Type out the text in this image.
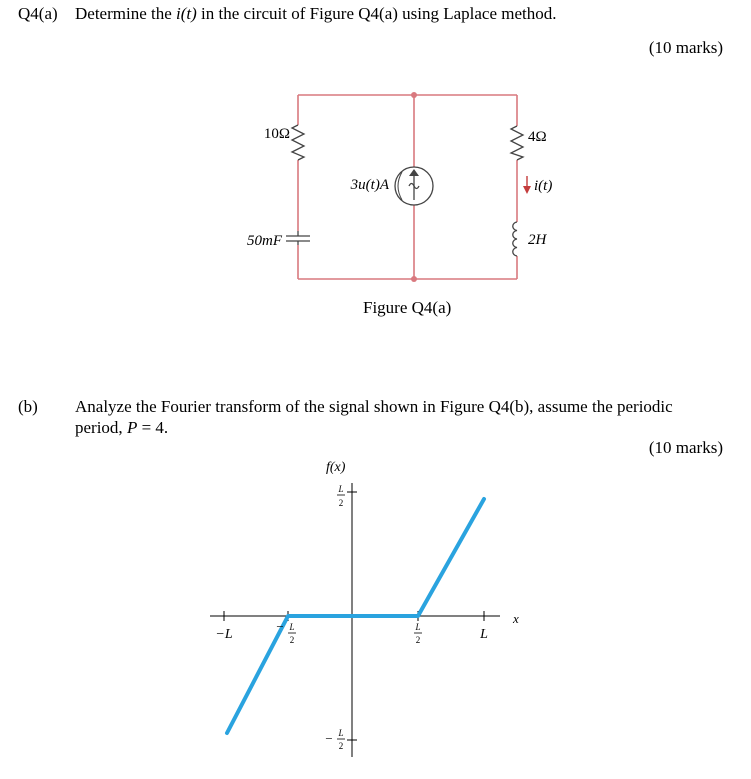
Q4(a) Determine the i(t) in the circuit of Figure Q4(a) using Laplace method.
(10 marks)
10Ω
50mF
3u(t)A
4Ω
i(t)
2H
Figure Q4(a)
(b) Analyze the Fourier transform of the signal shown in Figure Q4(b), assume the periodic
period, P = 4.
(10 marks)
f(x)
x
−L
− L
2
L
2	L
L
2
− L
2
